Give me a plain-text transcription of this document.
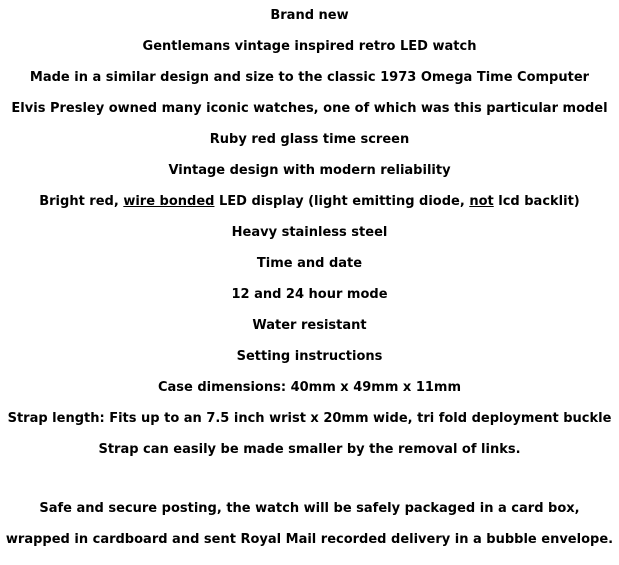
Brand new
Gentlemans vintage inspired retro LED watch
Made in a similar design and size to the classic 1973 Omega Time Computer
Elvis Presley owned many iconic watches, one of which was this particular model
Ruby red glass time screen
Vintage design with modern reliability
Bright red, wire bonded LED display (light emitting diode, not lcd backlit)
Heavy stainless steel
Time and date
12 and 24 hour mode
Water resistant
Setting instructions
Case dimensions: 40mm x 49mm x 11mm
Strap length: Fits up to an 7.5 inch wrist x 20mm wide, tri fold deployment buckle
Strap can easily be made smaller by the removal of links.
Safe and secure posting, the watch will be safely packaged in a card box,
wrapped in cardboard and sent Royal Mail recorded delivery in a bubble envelope.
